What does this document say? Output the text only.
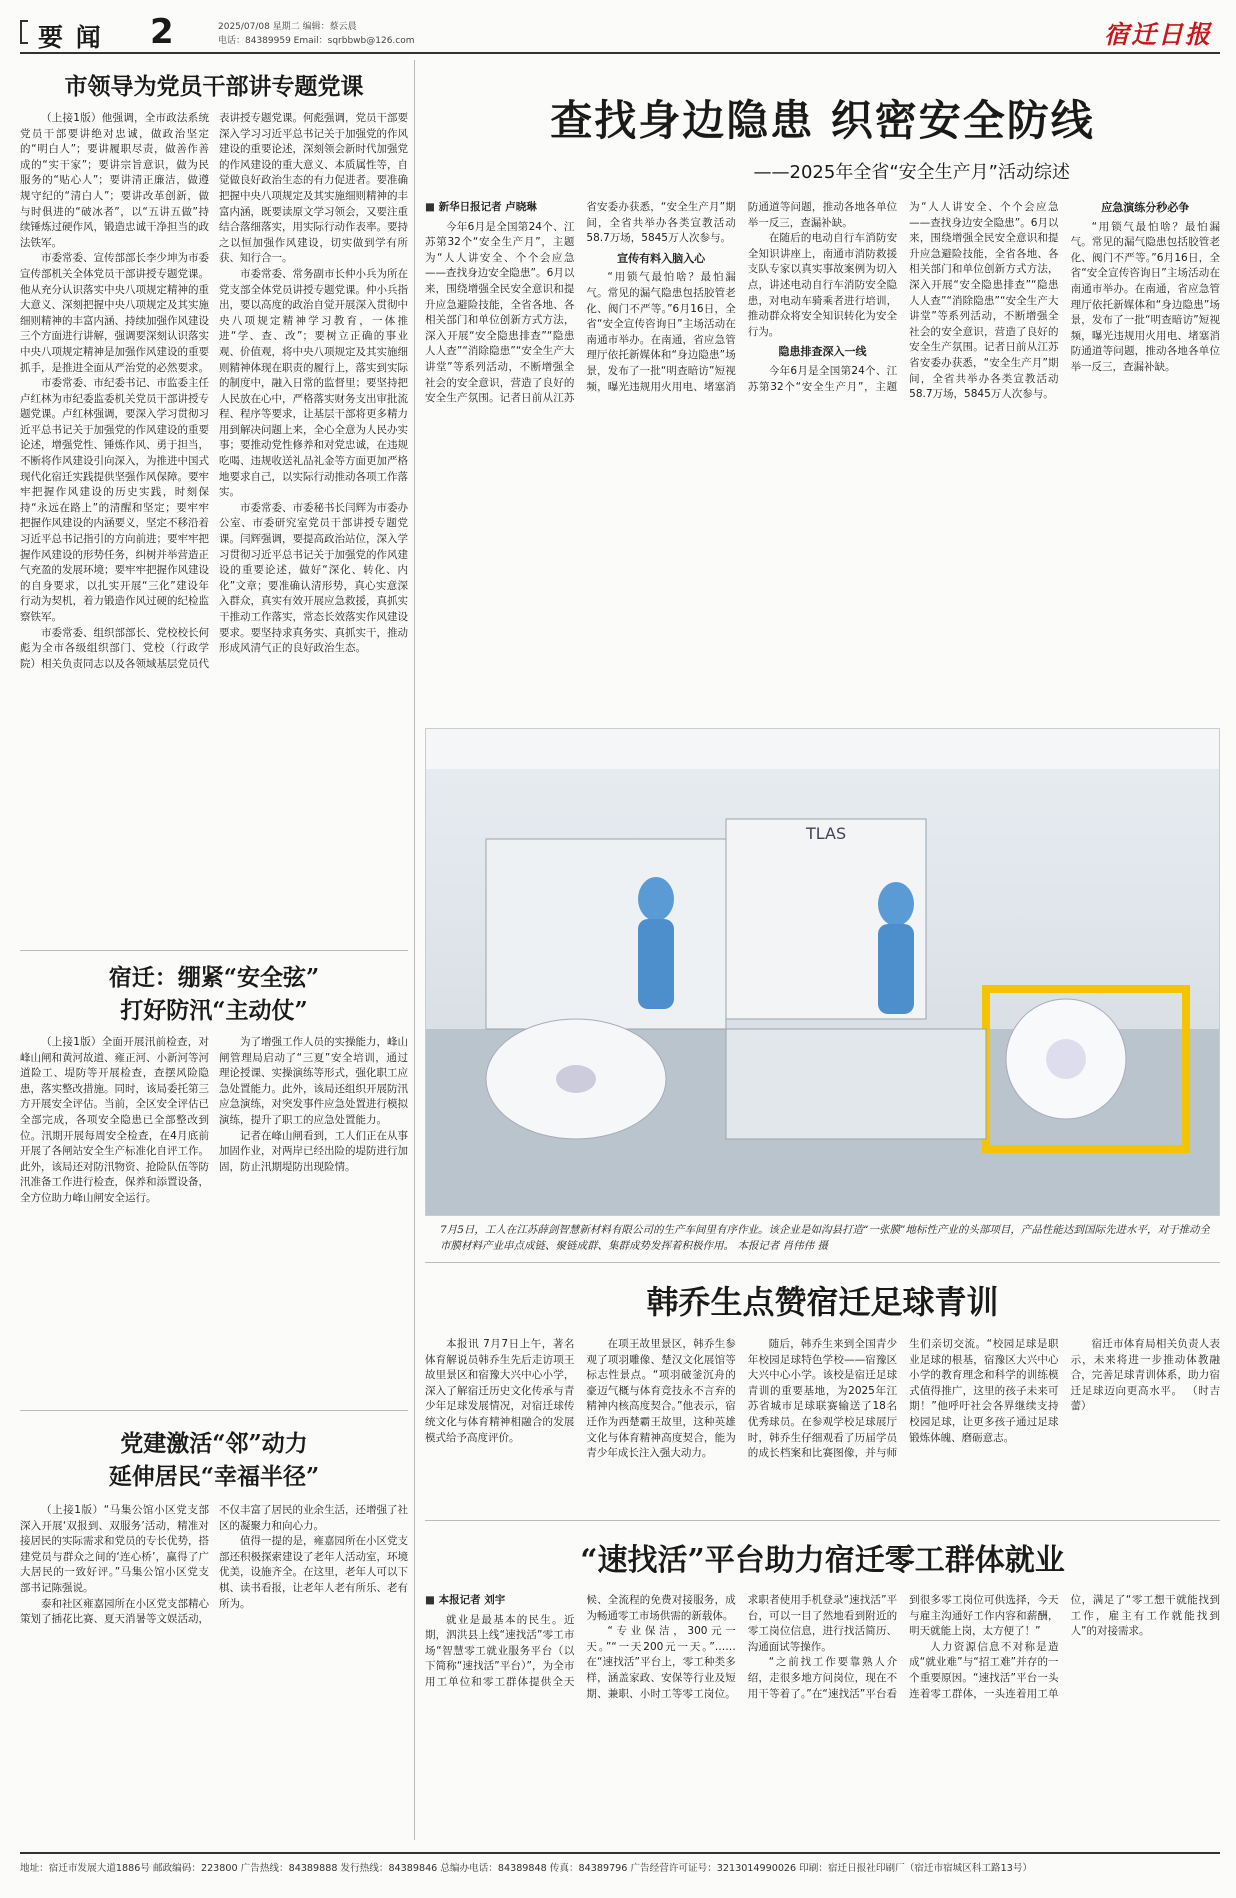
要 闻 2	2025/07/08 星期二 编辑：蔡云晨
电话：84389959 Email：sqrbbwb@126.com	宿迁日报
市领导为党员干部讲专题党课

（上接1版）他强调，全市政法系统党员干部要讲绝对忠诚，做政治坚定的“明白人”；要讲履职尽责，做善作善成的“实干家”；要讲宗旨意识，做为民服务的“贴心人”；要讲清正廉洁，做遵规守纪的“清白人”；要讲改革创新，做与时俱进的“破冰者”，以“五讲五做”持续锤炼过硬作风，锻造忠诚干净担当的政法铁军。

市委常委、宣传部部长李少坤为市委宣传部机关全体党员干部讲授专题党课。他从充分认识落实中央八项规定精神的重大意义、深刻把握中央八项规定及其实施细则精神的丰富内涵、持续加强作风建设三个方面进行讲解，强调要深刻认识落实中央八项规定精神是加强作风建设的重要抓手，是推进全面从严治党的必然要求。

市委常委、市纪委书记、市监委主任卢红林为市纪委监委机关党员干部讲授专题党课。卢红林强调，要深入学习贯彻习近平总书记关于加强党的作风建设的重要论述，增强党性、锤炼作风、勇于担当，不断将作风建设引向深入，为推进中国式现代化宿迁实践提供坚强作风保障。要牢牢把握作风建设的历史实践，时刻保持“永远在路上”的清醒和坚定；要牢牢把握作风建设的内涵要义，坚定不移沿着习近平总书记指引的方向前进；要牢牢把握作风建设的形势任务，纠树并举营造正气充盈的发展环境；要牢牢把握作风建设的自身要求，以扎实开展“三化”建设年行动为契机，着力锻造作风过硬的纪检监察铁军。

市委常委、组织部部长、党校校长何彪为全市各级组织部门、党校（行政学院）相关负责同志以及各领域基层党员代表讲授专题党课。何彪强调，党员干部要深入学习习近平总书记关于加强党的作风建设的重要论述，深刻领会新时代加强党的作风建设的重大意义、本质属性等，自觉做良好政治生态的有力促进者。要准确把握中央八项规定及其实施细则精神的丰富内涵，既要读原文学习领会，又要注重结合落细落实，用实际行动作表率。要持之以恒加强作风建设，切实做到学有所获、知行合一。

市委常委、常务副市长仲小兵为所在党支部全体党员讲授专题党课。仲小兵指出，要以高度的政治自觉开展深入贯彻中央八项规定精神学习教育，一体推进“学、查、改”；要树立正确的事业观、价值观，将中央八项规定及其实施细则精神体现在职责的履行上，落实到实际的制度中，融入日常的监督里；要坚持把人民放在心中，严格落实财务支出审批流程、程序等要求，让基层干部将更多精力用到解决问题上来，全心全意为人民办实事；要推动党性修养和对党忠诚，在违规吃喝、违规收送礼品礼金等方面更加严格地要求自己，以实际行动推动各项工作落实。

市委常委、市委秘书长闫辉为市委办公室、市委研究室党员干部讲授专题党课。闫辉强调，要提高政治站位，深入学习贯彻习近平总书记关于加强党的作风建设的重要论述，做好“深化、转化、内化”文章；要准确认清形势，真心实意深入群众，真实有效开展应急救援，真抓实干推动工作落实，常态长效落实作风建设要求。要坚持求真务实、真抓实干，推动形成风清气正的良好政治生态。

查找身边隐患 织密安全防线
——2025年全省“安全生产月”活动综述
■ 新华日报记者 卢晓琳

今年6月是全国第24个、江苏第32个“安全生产月”，主题为“人人讲安全、个个会应急——查找身边安全隐患”。6月以来，围绕增强全民安全意识和提升应急避险技能，全省各地、各相关部门和单位创新方式方法，深入开展“安全隐患排查”“隐患人人查”“消除隐患”“安全生产大讲堂”等系列活动，不断增强全社会的安全意识，营造了良好的安全生产氛围。记者日前从江苏省安委办获悉，“安全生产月”期间，全省共举办各类宣教活动58.7万场，5845万人次参与。

宣传有料入脑入心

“用锁气最怕啥？最怕漏气。常见的漏气隐患包括胶管老化、阀门不严等。”6月16日，全省“安全宣传咨询日”主场活动在南通市举办。在南通，省应急管理厅依托新媒体和“身边隐患”场景，发布了一批“明查暗访”短视频，曝光违规用火用电、堵塞消防通道等问题，推动各地各单位举一反三，查漏补缺。

在随后的电动自行车消防安全知识讲座上，南通市消防救援支队专家以真实事故案例为切入点，讲述电动自行车消防安全隐患，对电动车骑乘者进行培训，推动群众将安全知识转化为安全行为。

隐患排查深入一线

今年6月是全国第24个、江苏第32个“安全生产月”，主题为“人人讲安全、个个会应急——查找身边安全隐患”。6月以来，围绕增强全民安全意识和提升应急避险技能，全省各地、各相关部门和单位创新方式方法，深入开展“安全隐患排查”“隐患人人查”“消除隐患”“安全生产大讲堂”等系列活动，不断增强全社会的安全意识，营造了良好的安全生产氛围。记者日前从江苏省安委办获悉，“安全生产月”期间，全省共举办各类宣教活动58.7万场，5845万人次参与。

应急演练分秒必争

“用锁气最怕啥？最怕漏气。常见的漏气隐患包括胶管老化、阀门不严等。”6月16日，全省“安全宣传咨询日”主场活动在南通市举办。在南通，省应急管理厅依托新媒体和“身边隐患”场景，发布了一批“明查暗访”短视频，曝光违规用火用电、堵塞消防通道等问题，推动各地各单位举一反三，查漏补缺。

TLAS
7月5日，工人在江苏薛剑智慧新材料有限公司的生产车间里有序作业。该企业是如沟县打造“一张膜”地标性产业的头部项目，产品性能达到国际先进水平，对于推动全市膜材料产业串点成链、聚链成群、集群成势发挥着积极作用。 本报记者 肖伟伟 摄
宿迁：绷紧“安全弦”
打好防汛“主动仗”

（上接1版）全面开展汛前检查，对峰山闸和黄河故道、雍正河、小新河等河道险工、堤防等开展检查，查摆风险隐患，落实整改措施。同时，该局委托第三方开展安全评估。当前，全区安全评估已全部完成，各项安全隐患已全部整改到位。汛期开展每周安全检查，在4月底前开展了各闸站安全生产标准化自评工作。此外，该局还对防汛物资、抢险队伍等防汛准备工作进行检查，保养和添置设备，全方位助力峰山闸安全运行。

为了增强工作人员的实操能力，峰山闸管理局启动了“三夏”安全培训，通过理论授课、实操演练等形式，强化职工应急处置能力。此外，该局还组织开展防汛应急演练，对突发事件应急处置进行模拟演练，提升了职工的应急处置能力。

记者在峰山闸看到，工人们正在从事加固作业，对两岸已经出险的堤防进行加固，防止汛期堤防出现险情。

韩乔生点赞宿迁足球青训

本报讯 7月7日上午，著名体育解说员韩乔生先后走访项王故里景区和宿豫大兴中心小学，深入了解宿迁历史文化传承与青少年足球发展情况，对宿迁球传统文化与体育精神相融合的发展模式给予高度评价。

在项王故里景区，韩乔生参观了项羽雕像、楚汉文化展馆等标志性景点。“项羽破釜沉舟的豪迈气概与体育竞技永不言弃的精神内核高度契合。”他表示，宿迁作为西楚霸王故里，这种英雄文化与体育精神高度契合，能为青少年成长注入强大动力。

随后，韩乔生来到全国青少年校园足球特色学校——宿豫区大兴中心小学。该校是宿迁足球青训的重要基地，为2025年江苏省城市足球联赛输送了18名优秀球员。在参观学校足球展厅时，韩乔生仔细观看了历届学员的成长档案和比赛图像，并与师生们亲切交流。“校园足球是职业足球的根基，宿豫区大兴中心小学的教育理念和科学的训练模式值得推广，这里的孩子未来可期！”他呼吁社会各界继续支持校园足球，让更多孩子通过足球锻炼体魄、磨砺意志。

宿迁市体育局相关负责人表示，未来将进一步推动体教融合，完善足球青训体系，助力宿迁足球迈向更高水平。 （时吉蕾）

党建激活“邻”动力
延伸居民“幸福半径”

（上接1版）“马集公馆小区党支部深入开展‘双报到、双服务’活动，精准对接居民的实际需求和党员的专长优势，搭建党员与群众之间的‘连心桥’，赢得了广大居民的一致好评。”马集公馆小区党支部书记陈强说。

泰和社区雍嘉园所在小区党支部精心策划了插花比赛、夏天消暑等文娱活动，不仅丰富了居民的业余生活，还增强了社区的凝聚力和向心力。

值得一提的是，雍嘉园所在小区党支部还积极探索建设了老年人活动室，环境优美，设施齐全。在这里，老年人可以下棋、读书看报，让老年人老有所乐、老有所为。

“速找活”平台助力宿迁零工群体就业
■ 本报记者 刘宇

就业是最基本的民生。近期，泗洪县上线“速找活”零工市场“智慧零工就业服务平台（以下简称“速找活”平台）”，为全市用工单位和零工群体提供全天候、全流程的免费对接服务，成为畅通零工市场供需的新载体。

“专业保洁，300元一天。”“一天200元一天。”……在“速找活”平台上，零工种类多样，涵盖家政、安保等行业及短期、兼职、小时工等零工岗位。求职者使用手机登录“速找活”平台，可以一目了然地看到附近的零工岗位信息，进行找活简历、沟通面试等操作。

“之前找工作要靠熟人介绍，走很多地方问岗位，现在不用干等着了。”在“速找活”平台看到很多零工岗位可供选择，今天与雇主沟通好工作内容和薪酬，明天就能上岗，太方便了！”

人力资源信息不对称是造成“就业难”与“招工难”并存的一个重要原因。“速找活”平台一头连着零工群体，一头连着用工单位，满足了“零工想干就能找到工作，雇主有工作就能找到人”的对接需求。

地址：宿迁市发展大道1886号 邮政编码：223800 广告热线：84389888 发行热线：84389846 总编办电话：84389848 传真：84389796 广告经营许可证号：3213014990026 印刷：宿迁日报社印刷厂（宿迁市宿城区科工路13号）
